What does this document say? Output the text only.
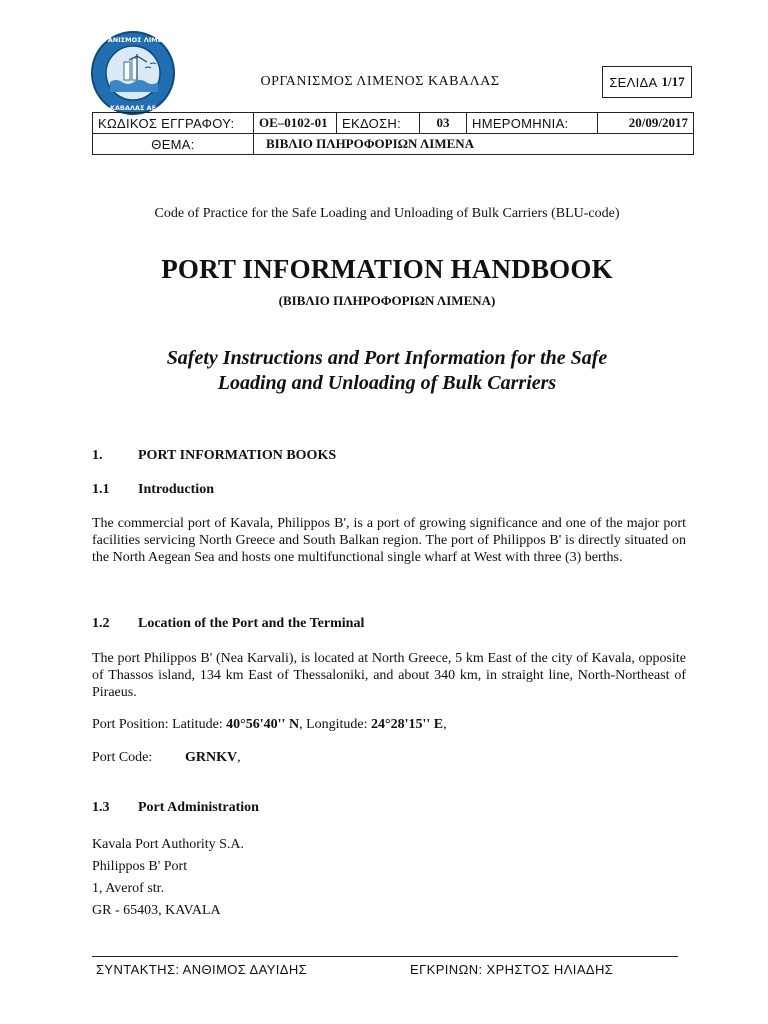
ΟΡΓΑΝΙΣΜΟΣ ΛΙΜΕΝΑ
ΚΑΒΑΛΑΣ ΑΕ
ΟΡΓΑΝΙΣΜΟΣ ΛΙΜΕΝΟΣ ΚΑΒΑΛΑΣ	ΣΕΛΙΔΑ 1/17
ΚΩΔΙΚΟΣ ΕΓΓΡΑΦΟΥ:	ΟΕ–0102-01	ΕΚΔΟΣΗ:	03	ΗΜΕΡΟΜΗΝΙΑ:	20/09/2017
ΘΕΜΑ:	ΒΙΒΛΙΟ ΠΛΗΡΟΦΟΡΙΩΝ ΛΙΜΕΝΑ				
Code of Practice for the Safe Loading and Unloading of Bulk Carriers (BLU-code)
PORT INFORMATION HANDBOOK
(ΒΙΒΛΙΟ ΠΛΗΡΟΦΟΡΙΩΝ ΛΙΜΕΝΑ)
Safety Instructions and Port Information for the Safe
Loading and Unloading of Bulk Carriers
1.	PORT INFORMATION BOOKS
1.1 Introduction
The commercial port of Kavala, Philippos B', is a port of growing significance and one of the major port facilities servicing North Greece and South Balkan region. The port of Philippos B' is directly situated on the North Aegean Sea and hosts one multifunctional single wharf at West with three (3) berths.
1.2 Location of the Port and the Terminal
The port Philippos B' (Nea Karvali), is located at North Greece, 5 km East of the city of Kavala, opposite of Thassos island, 134 km East of Thessaloniki, and about 340 km, in straight line, North-Northeast of Piraeus.
Port Position: Latitude: 40°56'40'' N, Longitude: 24°28'15'' E,
Port Code: GRNKV,
1.3 Port Administration
Kavala Port Authority S.A.
Philippos B' Port
1, Averof str.
GR - 65403, KAVALA
ΣΥΝΤΑΚΤΗΣ: ΑΝΘΙΜΟΣ ΔΑΥΙΔΗΣ	ΕΓΚΡΙΝΩΝ: ΧΡΗΣΤΟΣ ΗΛΙΑΔΗΣ
